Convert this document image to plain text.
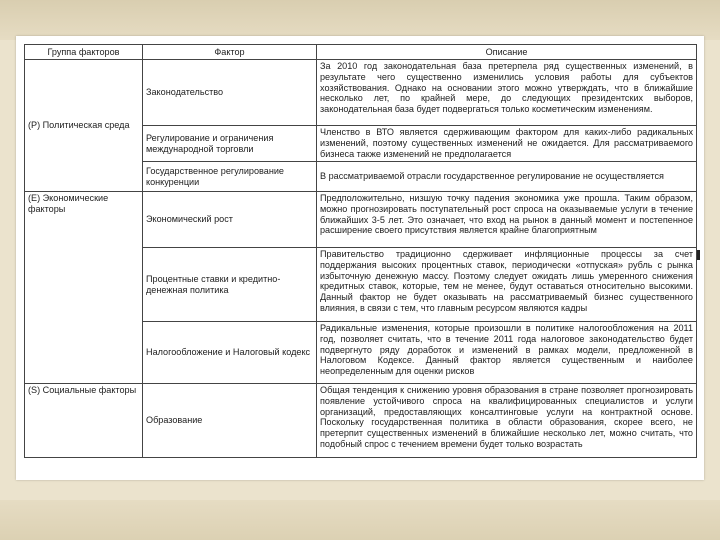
Группа факторов	Фактор	Описание

(P) Политическая среда	Законодательство	За 2010 год законодательная база претерпела ряд существенных изменений, в результате чего существенно изменились условия работы для субъектов хозяйствования. Однако на основании этого можно утверждать, что в ближайшие несколько лет, по крайней мере, до следующих президентских выборов, законодательная база будет подвергаться только косметическим изменениям.
	Регулирование и ограничения международной торговли	Членство в ВТО является сдерживающим фактором для каких-либо радикальных изменений, поэтому существенных изменений не ожидается. Для рассматриваемого бизнеса также изменений не предполагается
	Государственное регулирование конкуренции	В рассматриваемой отрасли государственное регулирование не осуществляется

(E) Экономические факторы	Экономический рост	Предположительно, низшую точку падения экономика уже прошла. Таким образом, можно прогнозировать поступательный рост спроса на оказываемые услуги в течение ближайших 3-5 лет. Это означает, что вход на рынок в данный момент и постепенное расширение своего присутствия является крайне благоприятным
	Процентные ставки и кредитно-денежная политика	Правительство традиционно сдерживает инфляционные процессы за счет поддержания высоких процентных ставок, периодически «отпуская» рубль с рынка избыточную денежную массу. Поэтому следует ожидать лишь умеренного снижения кредитных ставок, которые, тем не менее, будут оставаться относительно высокими. Данный фактор не будет оказывать на рассматриваемый бизнес существенного влияния, в связи с тем, что главным ресурсом являются кадры
	Налогообложение и Налоговый кодекс	Радикальные изменения, которые произошли в политике налогообложения на 2011 год, позволяет считать, что в течение 2011 года налоговое законодательство будет подвергнуто ряду доработок и изменений в рамках модели, предложенной в Налоговом Кодексе. Данный фактор является существенным и наиболее неопределенным для оценки рисков

(S) Социальные факторы	Образование	Общая тенденция к снижению уровня образования в стране позволяет прогнозировать появление устойчивого спроса на квалифицированных специалистов и услуги организаций, предоставляющих консалтинговые услуги на контрактной основе. Поскольку государственная политика в области образования, скорее всего, не претерпит существенных изменений в ближайшие несколько лет, можно считать, что подобный спрос с течением времени будет только возрастать
